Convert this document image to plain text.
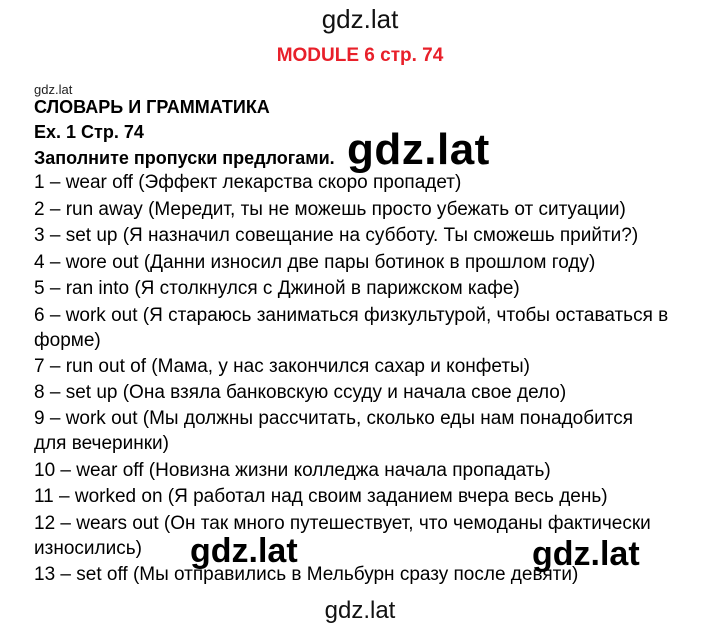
gdz.lat
MODULE 6 стр. 74
gdz.lat
СЛОВАРЬ И ГРАММАТИКА
Ex. 1 Стр. 74
Заполните пропуски предлогами. gdz.lat
1 – wear off (Эффект лекарства скоро пропадет)
2 – run away (Мередит, ты не можешь просто убежать от ситуации)
3 – set up (Я назначил совещание на субботу. Ты сможешь прийти?)
4 – wore out (Данни износил две пары ботинок в прошлом году)
5 – ran into (Я столкнулся с Джиной в парижском кафе)
6 – work out (Я стараюсь заниматься физкультурой, чтобы оставаться в
форме)
7 – run out of (Мама, у нас закончился сахар и конфеты)
8 – set up (Она взяла банковскую ссуду и начала свое дело)
9 – work out (Мы должны рассчитать, сколько еды нам понадобится
для вечеринки)
10 – wear off (Новизна жизни колледжа начала пропадать)
11 – worked on (Я работал над своим заданием вчера весь день)
12 – wears out (Он так много путешествует, что чемоданы фактически
износились)
13 – set off (Мы отправились в Мельбурн сразу после девяти)
gdz.lat	gdz.lat
gdz.lat
